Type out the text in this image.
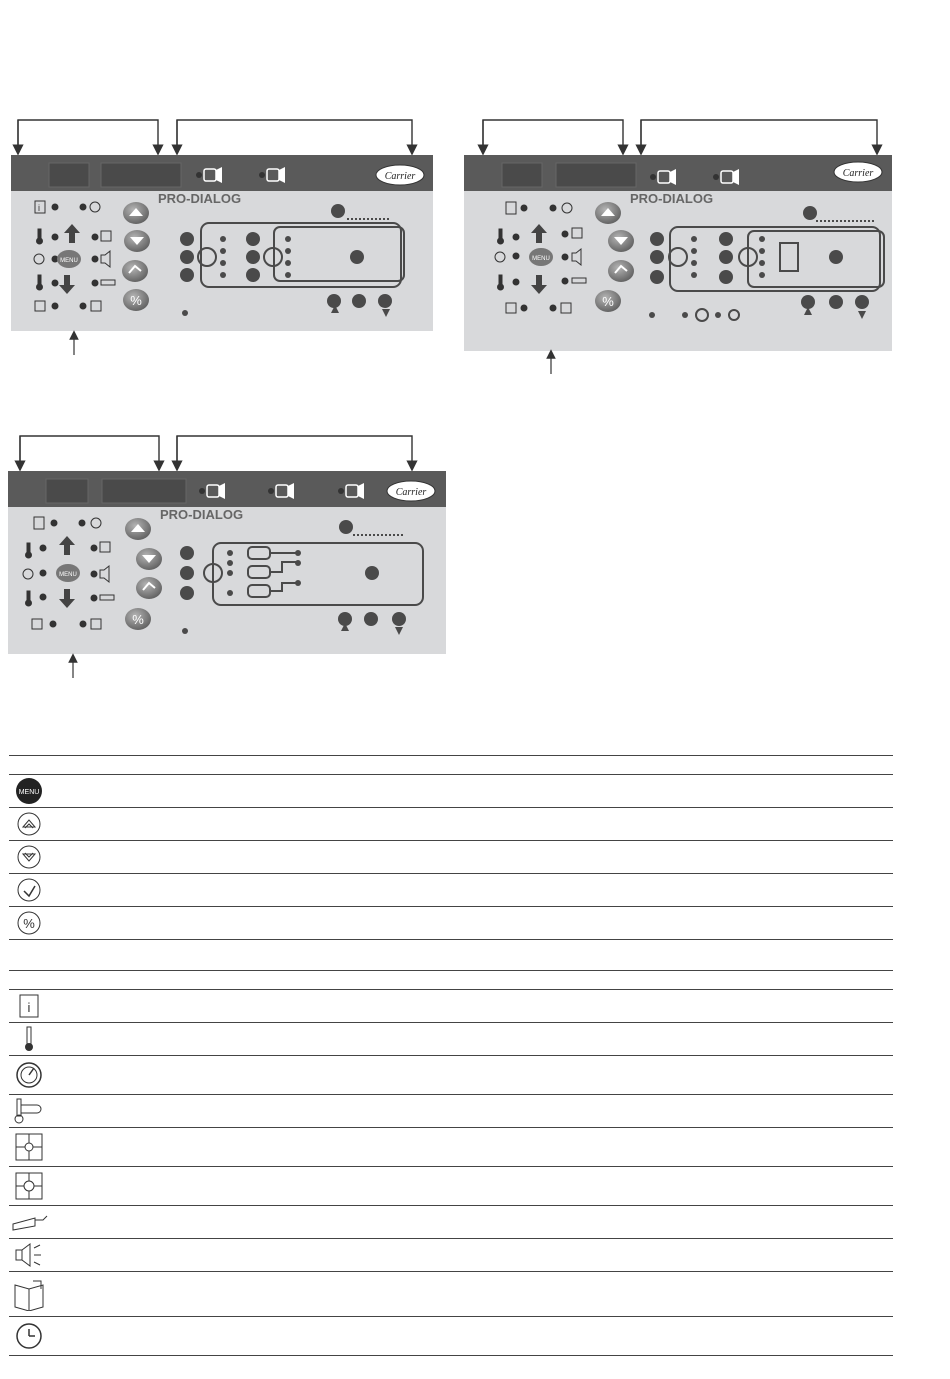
Carrier
PRO-DIALOG
i
MENU
%
Carrier
PRO-DIALOG
MENU
%
Carrier
PRO-DIALOG
MENU
%
MENU
%
i
